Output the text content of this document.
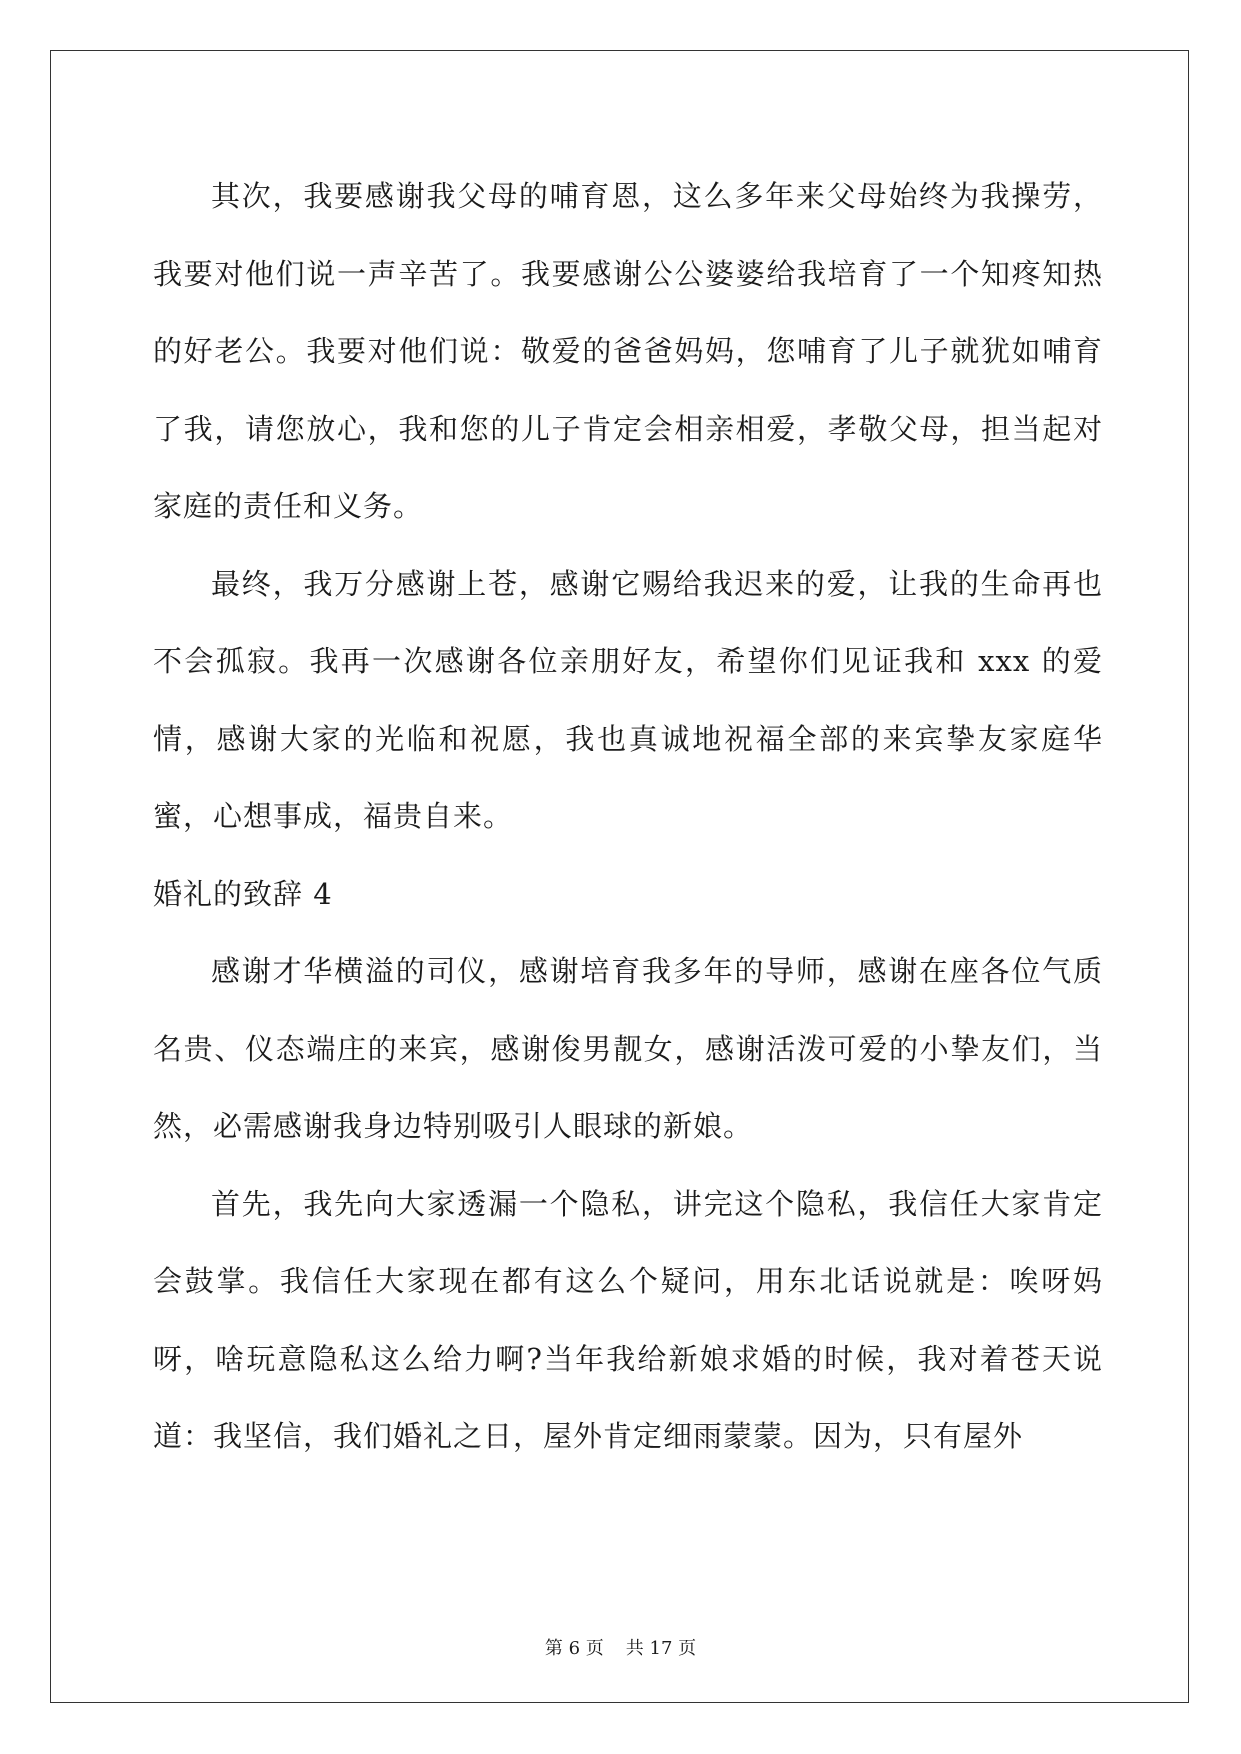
其次，我要感谢我父母的哺育恩，这么多年来父母始终为我操劳，我要对他们说一声辛苦了。我要感谢公公婆婆给我培育了一个知疼知热的好老公。我要对他们说：敬爱的爸爸妈妈，您哺育了儿子就犹如哺育了我，请您放心，我和您的儿子肯定会相亲相爱，孝敬父母，担当起对家庭的责任和义务。

最终，我万分感谢上苍，感谢它赐给我迟来的爱，让我的生命再也不会孤寂。我再一次感谢各位亲朋好友，希望你们见证我和 xxx 的爱情，感谢大家的光临和祝愿，我也真诚地祝福全部的来宾挚友家庭华蜜，心想事成，福贵自来。

婚礼的致辞 4

感谢才华横溢的司仪，感谢培育我多年的导师，感谢在座各位气质名贵、仪态端庄的来宾，感谢俊男靓女，感谢活泼可爱的小挚友们，当然，必需感谢我身边特别吸引人眼球的新娘。

首先，我先向大家透漏一个隐私，讲完这个隐私，我信任大家肯定会鼓掌。我信任大家现在都有这么个疑问，用东北话说就是：唉呀妈呀，啥玩意隐私这么给力啊?当年我给新娘求婚的时候，我对着苍天说道：我坚信，我们婚礼之日，屋外肯定细雨蒙蒙。因为，只有屋外

第 6 页 共 17 页
